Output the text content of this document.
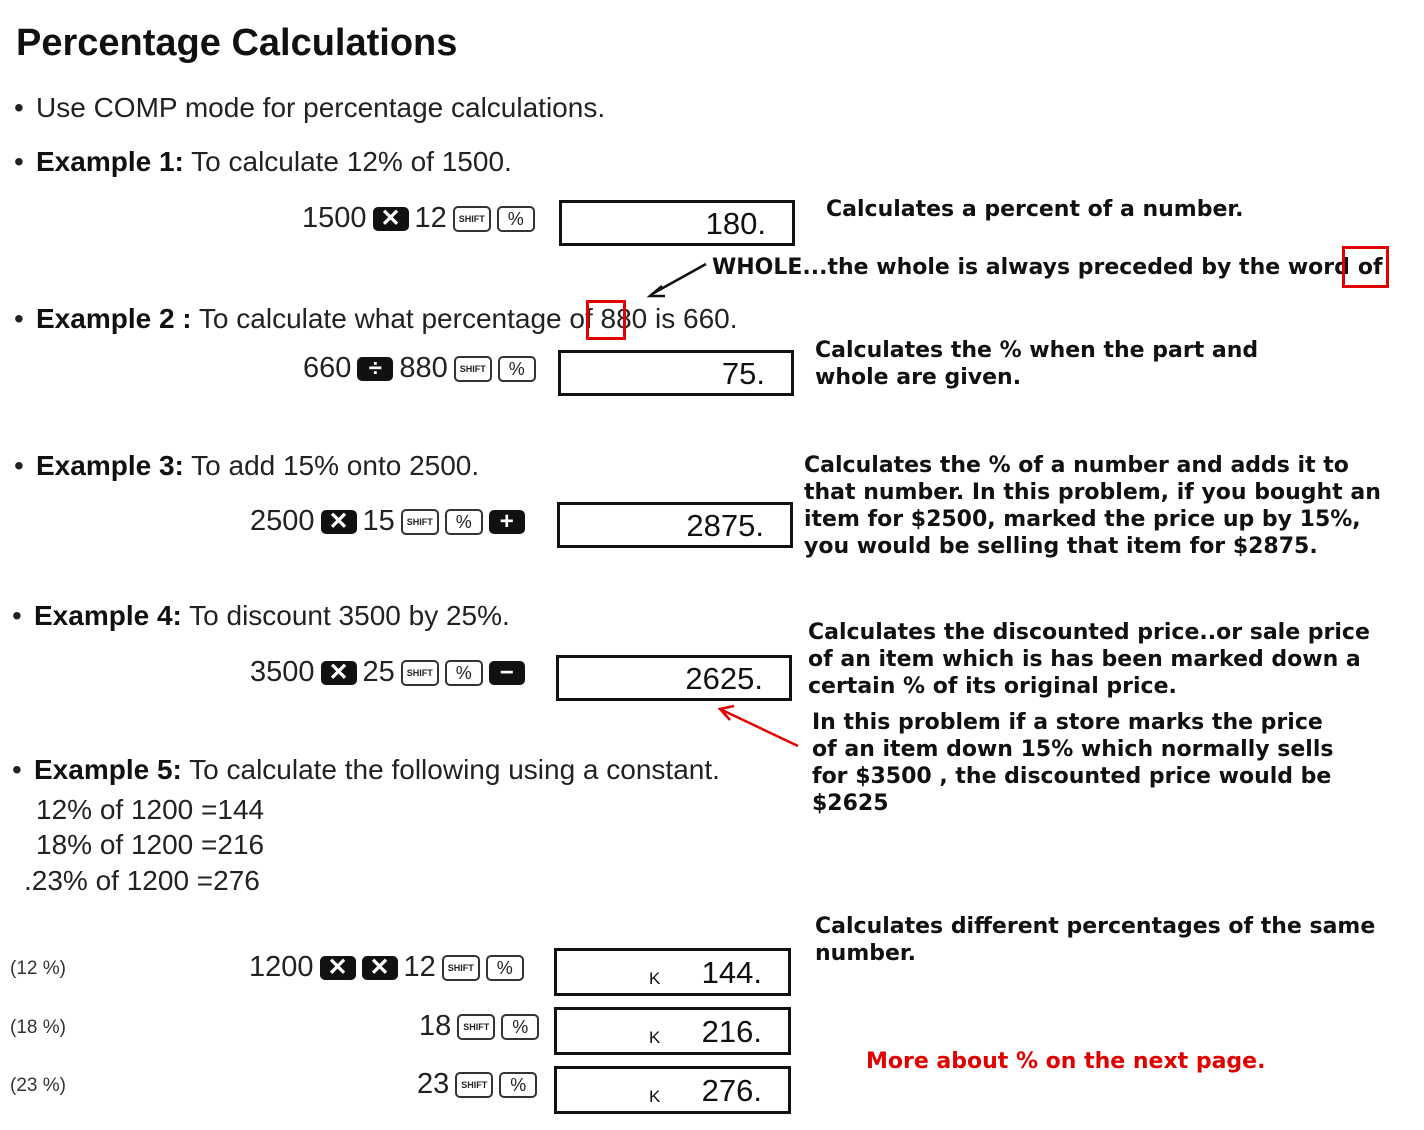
Percentage Calculations
• Use COMP mode for percentage calculations.
• Example 1: To calculate 12% of 1500.
1500 ✕ 12	SHIFT	%	180.	Calculates a percent of a number.
WHOLE...the whole is always preceded by the word of
• Example 2 : To calculate what percentage of 880 is 660.
660 ÷ 880	SHIFT	%	75.
Calculates the % when the part and
whole are given.
• Example 3: To add 15% onto 2500.
2500 ✕ 15	SHIFT	%	+	2875.
Calculates the % of a number and adds it to
that number. In this problem, if you bought an
item for $2500, marked the price up by 15%,
you would be selling that item for $2875.
• Example 4: To discount 3500 by 25%.
3500 ✕ 25	SHIFT	%	−	2625.
Calculates the discounted price..or sale price
of an item which is has been marked down a
certain % of its original price.
In this problem if a store marks the price
of an item down 15% which normally sells
for $3500 , the discounted price would be
$2625
• Example 5: To calculate the following using a constant.
12% of 1200 =144
18% of 1200 =216
.23% of 1200 =276
Calculates different percentages of the same
number.
(12 %)	1200 ✕ ✕ 12	SHIFT	%
K 144.
(18 %)	18	SHIFT	%
K 216.
(23 %)	23	SHIFT	%
K 276.
More about % on the next page.
